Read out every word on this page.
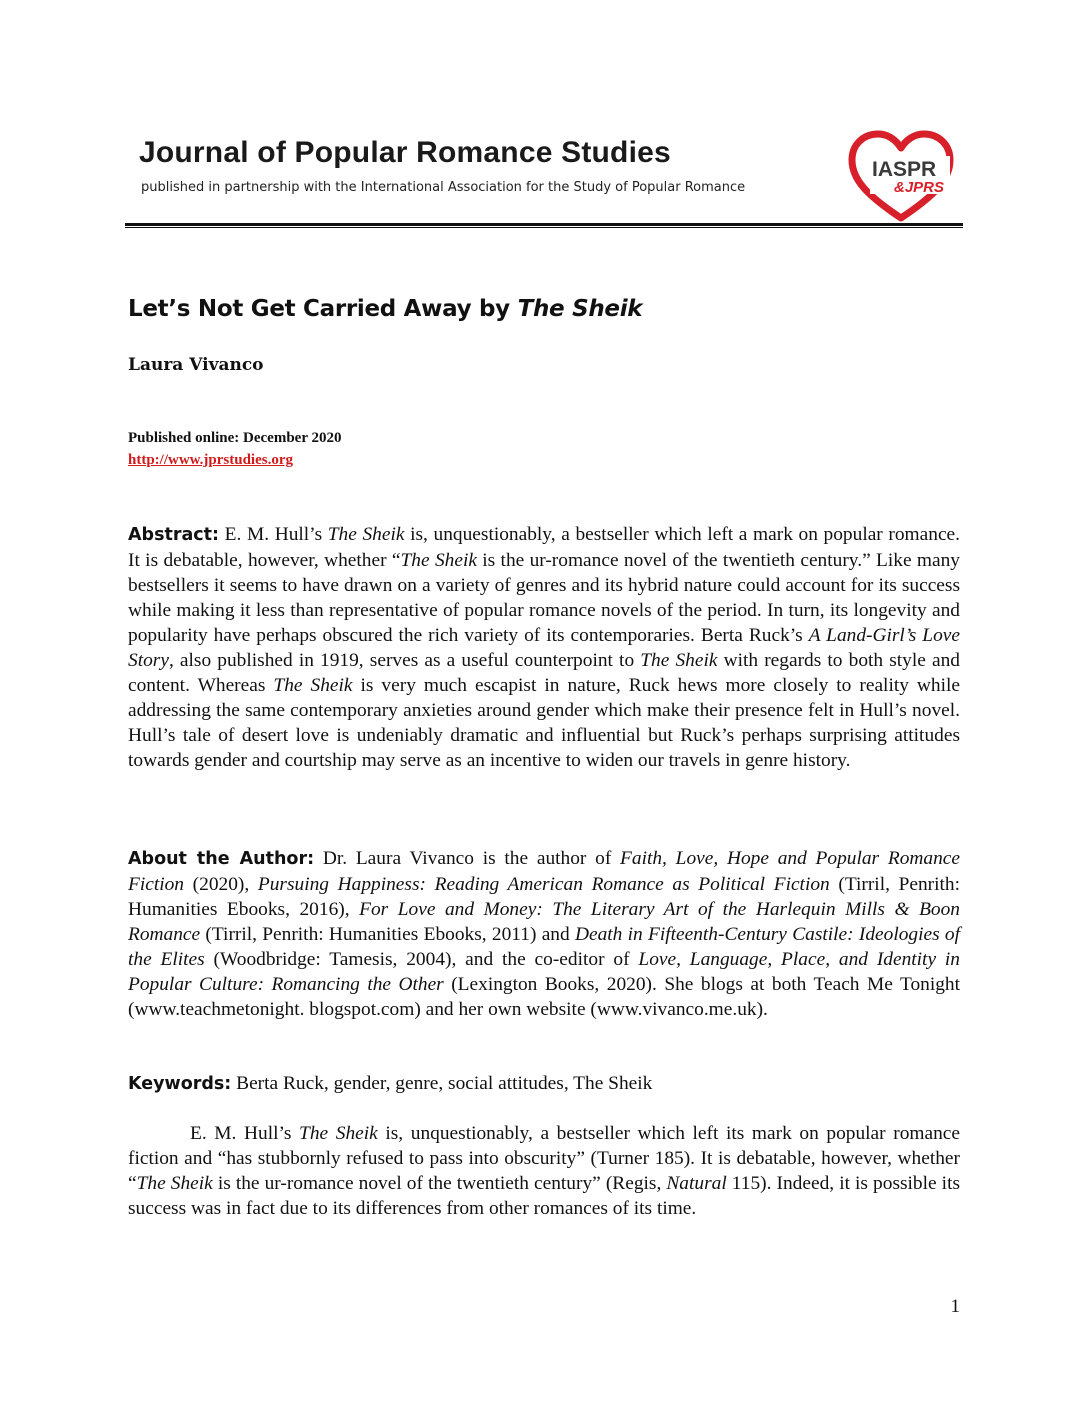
Journal of Popular Romance Studies

published in partnership with the International Association for the Study of Popular Romance

IASPR
&JPRS
Let’s Not Get Carried Away by The Sheik

Laura Vivanco

Published online: December 2020

http://www.jprstudies.org

Abstract: E. M. Hull’s The Sheik is, unquestionably, a bestseller which left a mark on popular romance. It is debatable, however, whether “The Sheik is the ur-romance novel of the twentieth century.” Like many bestsellers it seems to have drawn on a variety of genres and its hybrid nature could account for its success while making it less than representative of popular romance novels of the period. In turn, its longevity and popularity have perhaps obscured the rich variety of its contemporaries. Berta Ruck’s A Land-Girl’s Love Story, also published in 1919, serves as a useful counterpoint to The Sheik with regards to both style and content. Whereas The Sheik is very much escapist in nature, Ruck hews more closely to reality while addressing the same contemporary anxieties around gender which make their presence felt in Hull’s novel. Hull’s tale of desert love is undeniably dramatic and influential but Ruck’s perhaps surprising attitudes towards gender and courtship may serve as an incentive to widen our travels in genre history.

About the Author: Dr. Laura Vivanco is the author of Faith, Love, Hope and Popular Romance Fiction (2020), Pursuing Happiness: Reading American Romance as Political Fiction (Tirril, Penrith: Humanities Ebooks, 2016), For Love and Money: The Literary Art of the Harlequin Mills & Boon Romance (Tirril, Penrith: Humanities Ebooks, 2011) and Death in Fifteenth-Century Castile: Ideologies of the Elites (Woodbridge: Tamesis, 2004), and the co-editor of Love, Language, Place, and Identity in Popular Culture: Romancing the Other (Lexington Books, 2020). She blogs at both Teach Me Tonight (www.teachmetonight. blogspot.com) and her own website (www.vivanco.me.uk).

Keywords: Berta Ruck, gender, genre, social attitudes, The Sheik

E. M. Hull’s The Sheik is, unquestionably, a bestseller which left its mark on popular romance fiction and “has stubbornly refused to pass into obscurity” (Turner 185). It is debatable, however, whether “The Sheik is the ur-romance novel of the twentieth century” (Regis, Natural 115). Indeed, it is possible its success was in fact due to its differences from other romances of its time.

1
